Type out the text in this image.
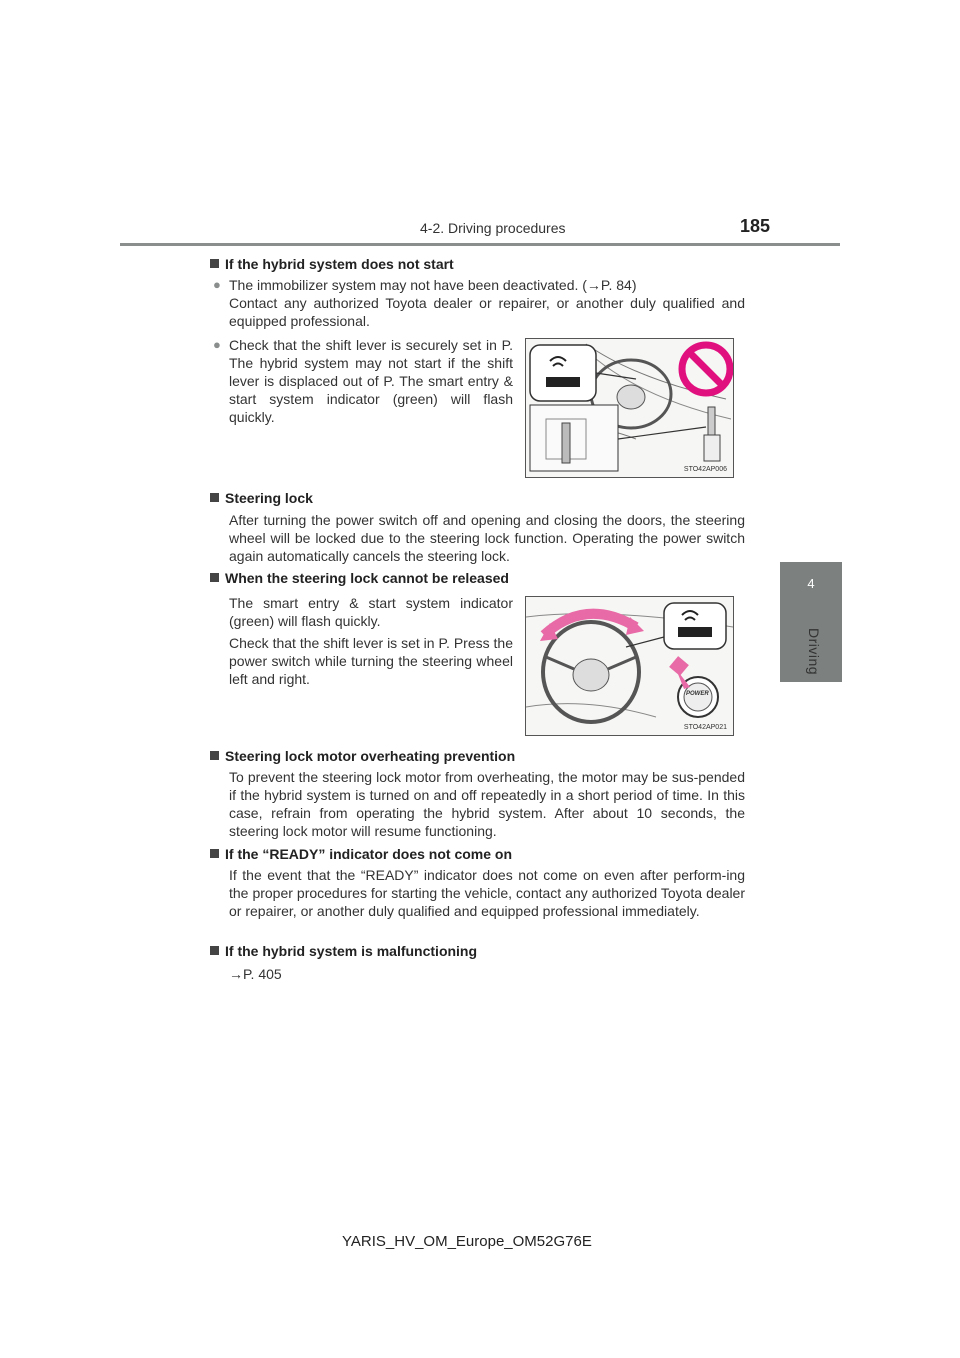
4-2. Driving procedures	185
4
Driving
If the hybrid system does not start
● The immobilizer system may not have been deactivated. (→P. 84)
Contact any authorized Toyota dealer or repairer, or another duly qualified and equipped professional.
● Check that the shift lever is securely set in P. The hybrid system may not start if the shift lever is displaced out of P. The smart entry & start system indicator (green) will flash quickly.
STO42AP006
Steering lock
After turning the power switch off and opening and closing the doors, the steering wheel will be locked due to the steering lock function. Operating the power switch again automatically cancels the steering lock.
When the steering lock cannot be released
The smart entry & start system indicator (green) will flash quickly.
Check that the shift lever is set in P. Press the power switch while turning the steering wheel left and right.
POWER
STO42AP021
Steering lock motor overheating prevention
To prevent the steering lock motor from overheating, the motor may be sus-pended if the hybrid system is turned on and off repeatedly in a short period of time. In this case, refrain from operating the hybrid system. After about 10 seconds, the steering lock motor will resume functioning.
If the “READY” indicator does not come on
If the event that the “READY” indicator does not come on even after perform-ing the proper procedures for starting the vehicle, contact any authorized Toyota dealer or repairer, or another duly qualified and equipped professional immediately.
If the hybrid system is malfunctioning
→P. 405
YARIS_HV_OM_Europe_OM52G76E
